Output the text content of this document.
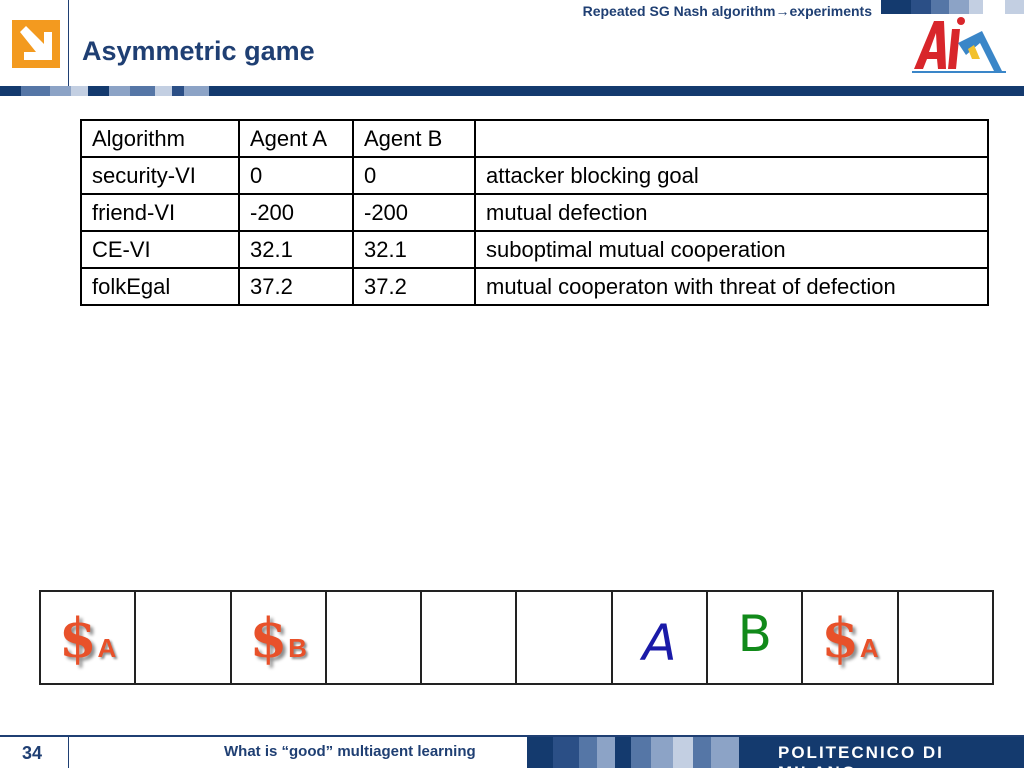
Repeated SG Nash algorithm→experiments
Asymmetric game
Algorithm	Agent A	Agent B	
security-VI	0	0	attacker blocking goal
friend-VI	-200	-200	mutual defection
CE-VI	32.1	32.1	suboptimal mutual cooperation
folkEgal	37.2	37.2	mutual cooperaton with threat of defection
$ A $ B	A B $ A
34	What is “good” multiagent learning	POLITECNICO DI MILANO
